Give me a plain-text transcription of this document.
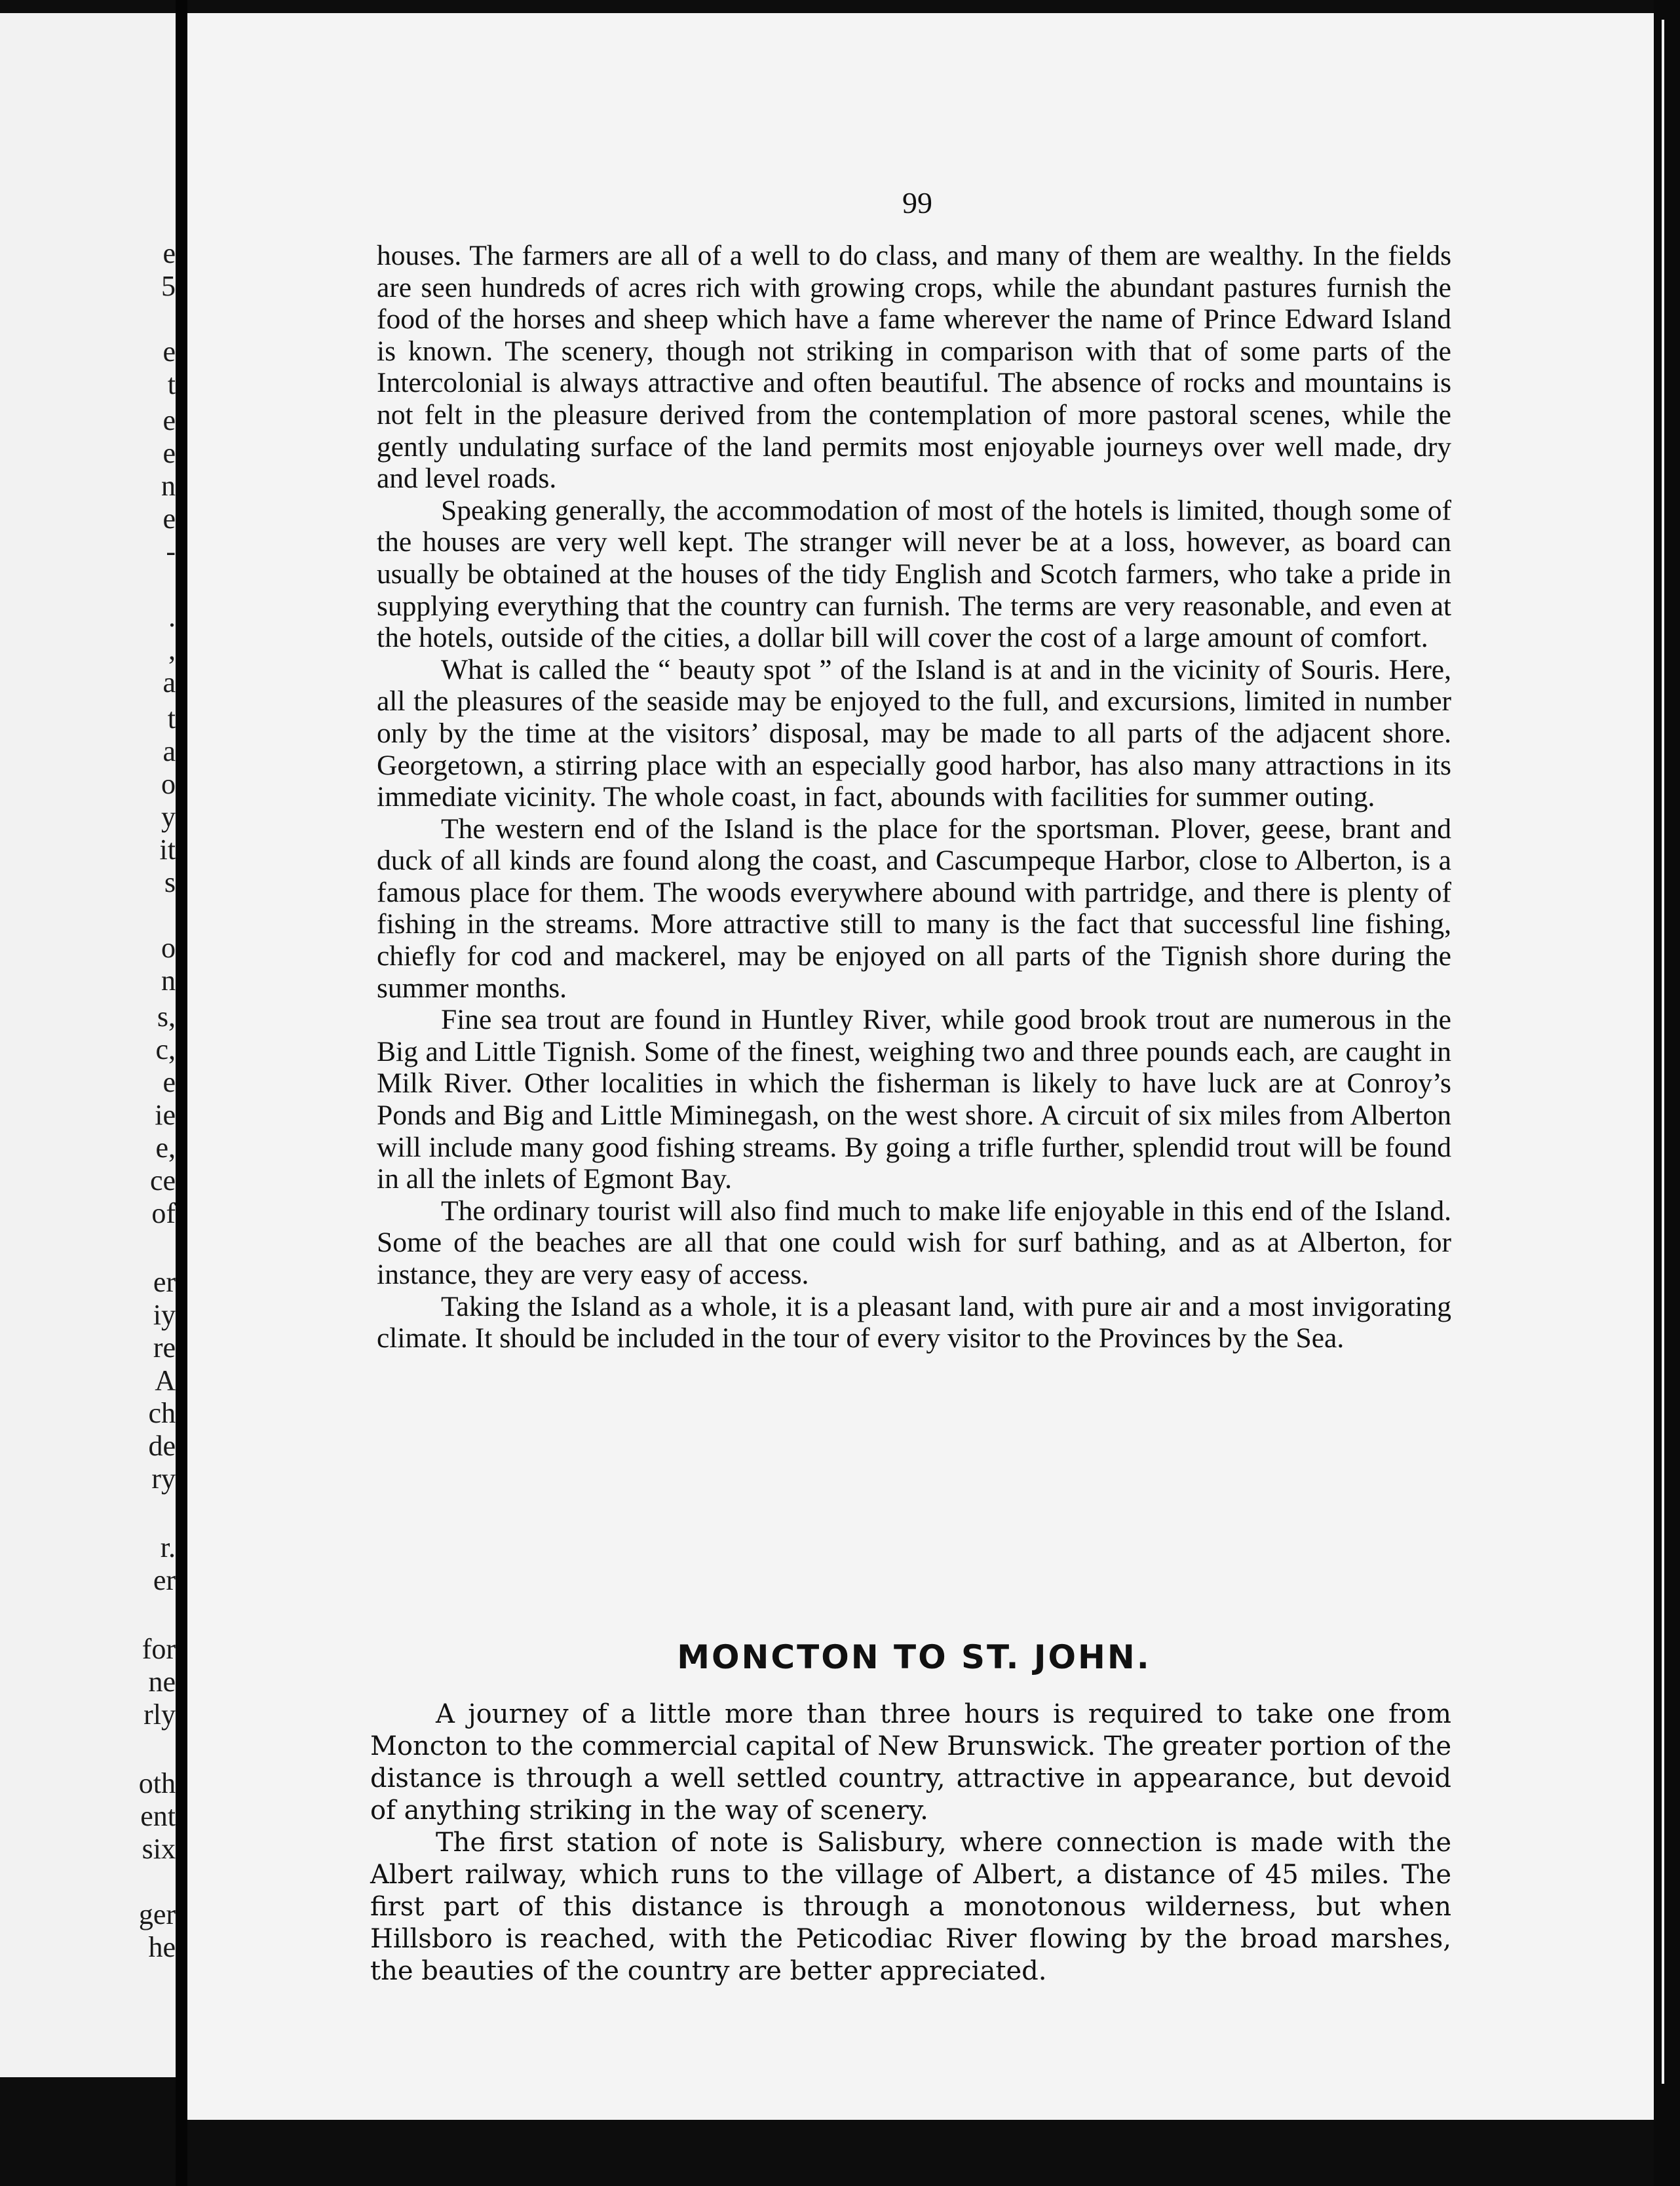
e
5
e
t
e
e
n
e
-
.
,
a
t
a
o
y
it
s
o
n
s,
c,
e
ie
e,
ce
of
er
iy
re
A
ch
de
ry
r.
er
for
ne
rly
oth
ent
six
ger
he
99

houses. The farmers are all of a well to do class, and many of them are wealthy. In the fields are seen hundreds of acres rich with growing crops, while the abundant pastures furnish the food of the horses and sheep which have a fame wherever the name of Prince Edward Island is known. The scenery, though not striking in comparison with that of some parts of the Intercolonial is always attractive and often beautiful. The absence of rocks and mountains is not felt in the pleasure derived from the contemplation of more pastoral scenes, while the gently undulating surface of the land permits most enjoyable journeys over well made, dry and level roads.

Speaking generally, the accommodation of most of the hotels is limited, though some of the houses are very well kept. The stranger will never be at a loss, however, as board can usually be obtained at the houses of the tidy English and Scotch farmers, who take a pride in supplying everything that the country can furnish. The terms are very reasonable, and even at the hotels, outside of the cities, a dollar bill will cover the cost of a large amount of comfort.

What is called the “ beauty spot ” of the Island is at and in the vicinity of Souris. Here, all the pleasures of the seaside may be enjoyed to the full, and excursions, limited in number only by the time at the visitors’ disposal, may be made to all parts of the adjacent shore. Georgetown, a stirring place with an especially good harbor, has also many attractions in its immediate vicinity. The whole coast, in fact, abounds with facilities for summer outing.

The western end of the Island is the place for the sportsman. Plover, geese, brant and duck of all kinds are found along the coast, and Cascumpeque Harbor, close to Alberton, is a famous place for them. The woods everywhere abound with partridge, and there is plenty of fishing in the streams. More attractive still to many is the fact that successful line fishing, chiefly for cod and mackerel, may be enjoyed on all parts of the Tignish shore during the summer months.

Fine sea trout are found in Huntley River, while good brook trout are numerous in the Big and Little Tignish. Some of the finest, weighing two and three pounds each, are caught in Milk River. Other localities in which the fisherman is likely to have luck are at Conroy’s Ponds and Big and Little Miminegash, on the west shore. A circuit of six miles from Alberton will include many good fishing streams. By going a trifle further, splendid trout will be found in all the inlets of Egmont Bay.

The ordinary tourist will also find much to make life enjoyable in this end of the Island. Some of the beaches are all that one could wish for surf bathing, and as at Alberton, for instance, they are very easy of access.

Taking the Island as a whole, it is a pleasant land, with pure air and a most invigorating climate. It should be included in the tour of every visitor to the Provinces by the Sea.

MONCTON TO ST. JOHN.

A journey of a little more than three hours is required to take one from Moncton to the commercial capital of New Brunswick. The greater portion of the distance is through a well settled country, attractive in appearance, but devoid of anything striking in the way of scenery.

The first station of note is Salisbury, where connection is made with the Albert railway, which runs to the village of Albert, a distance of 45 miles. The first part of this distance is through a monotonous wilderness, but when Hillsboro is reached, with the Peticodiac River flowing by the broad marshes, the beauties of the country are better appreciated.
